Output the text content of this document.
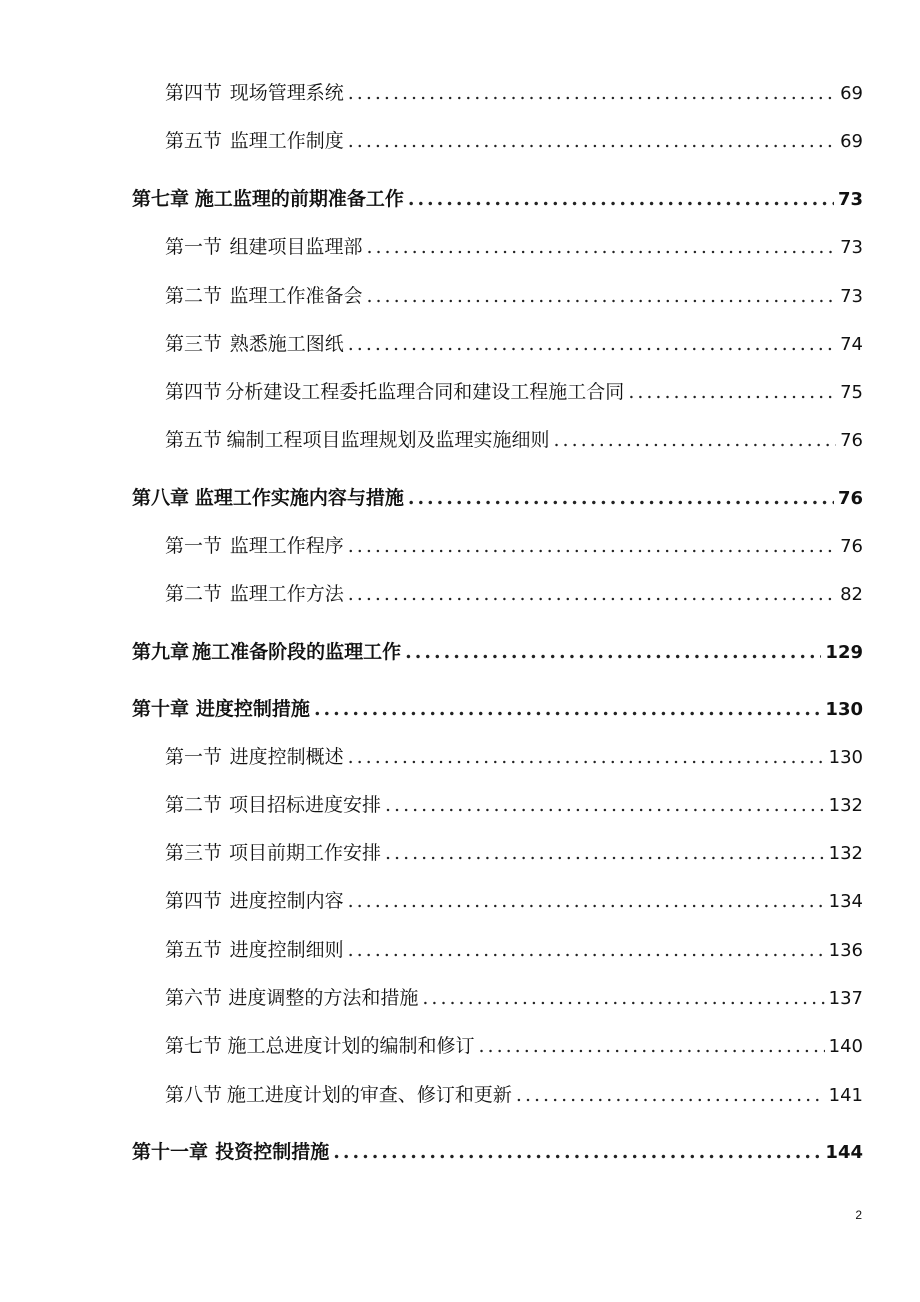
第四节 现场管理系统 .....	69
第五节 监理工作制度 .....	69
第七章 施工监理的前期准备工作 .....	73
第一节 组建项目监理部 .....	73
第二节 监理工作准备会 .....	73
第三节 熟悉施工图纸 .....	74
第四节 分析建设工程委托监理合同和建设工程施工合同 .....	75
第五节 编制工程项目监理规划及监理实施细则 .....	76
第八章 监理工作实施内容与措施 .....	76
第一节 监理工作程序 .....	76
第二节 监理工作方法 .....	82
第九章 施工准备阶段的监理工作 .....	129
第十章 进度控制措施 .....	130
第一节 进度控制概述 .....	130
第二节 项目招标进度安排 .....	132
第三节 项目前期工作安排 .....	132
第四节 进度控制内容 .....	134
第五节 进度控制细则 .....	136
第六节 进度调整的方法和措施 .....	137
第七节 施工总进度计划的编制和修订 .....	140
第八节 施工进度计划的审查、修订和更新 .....	141
第十一章 投资控制措施 .....	144
2
